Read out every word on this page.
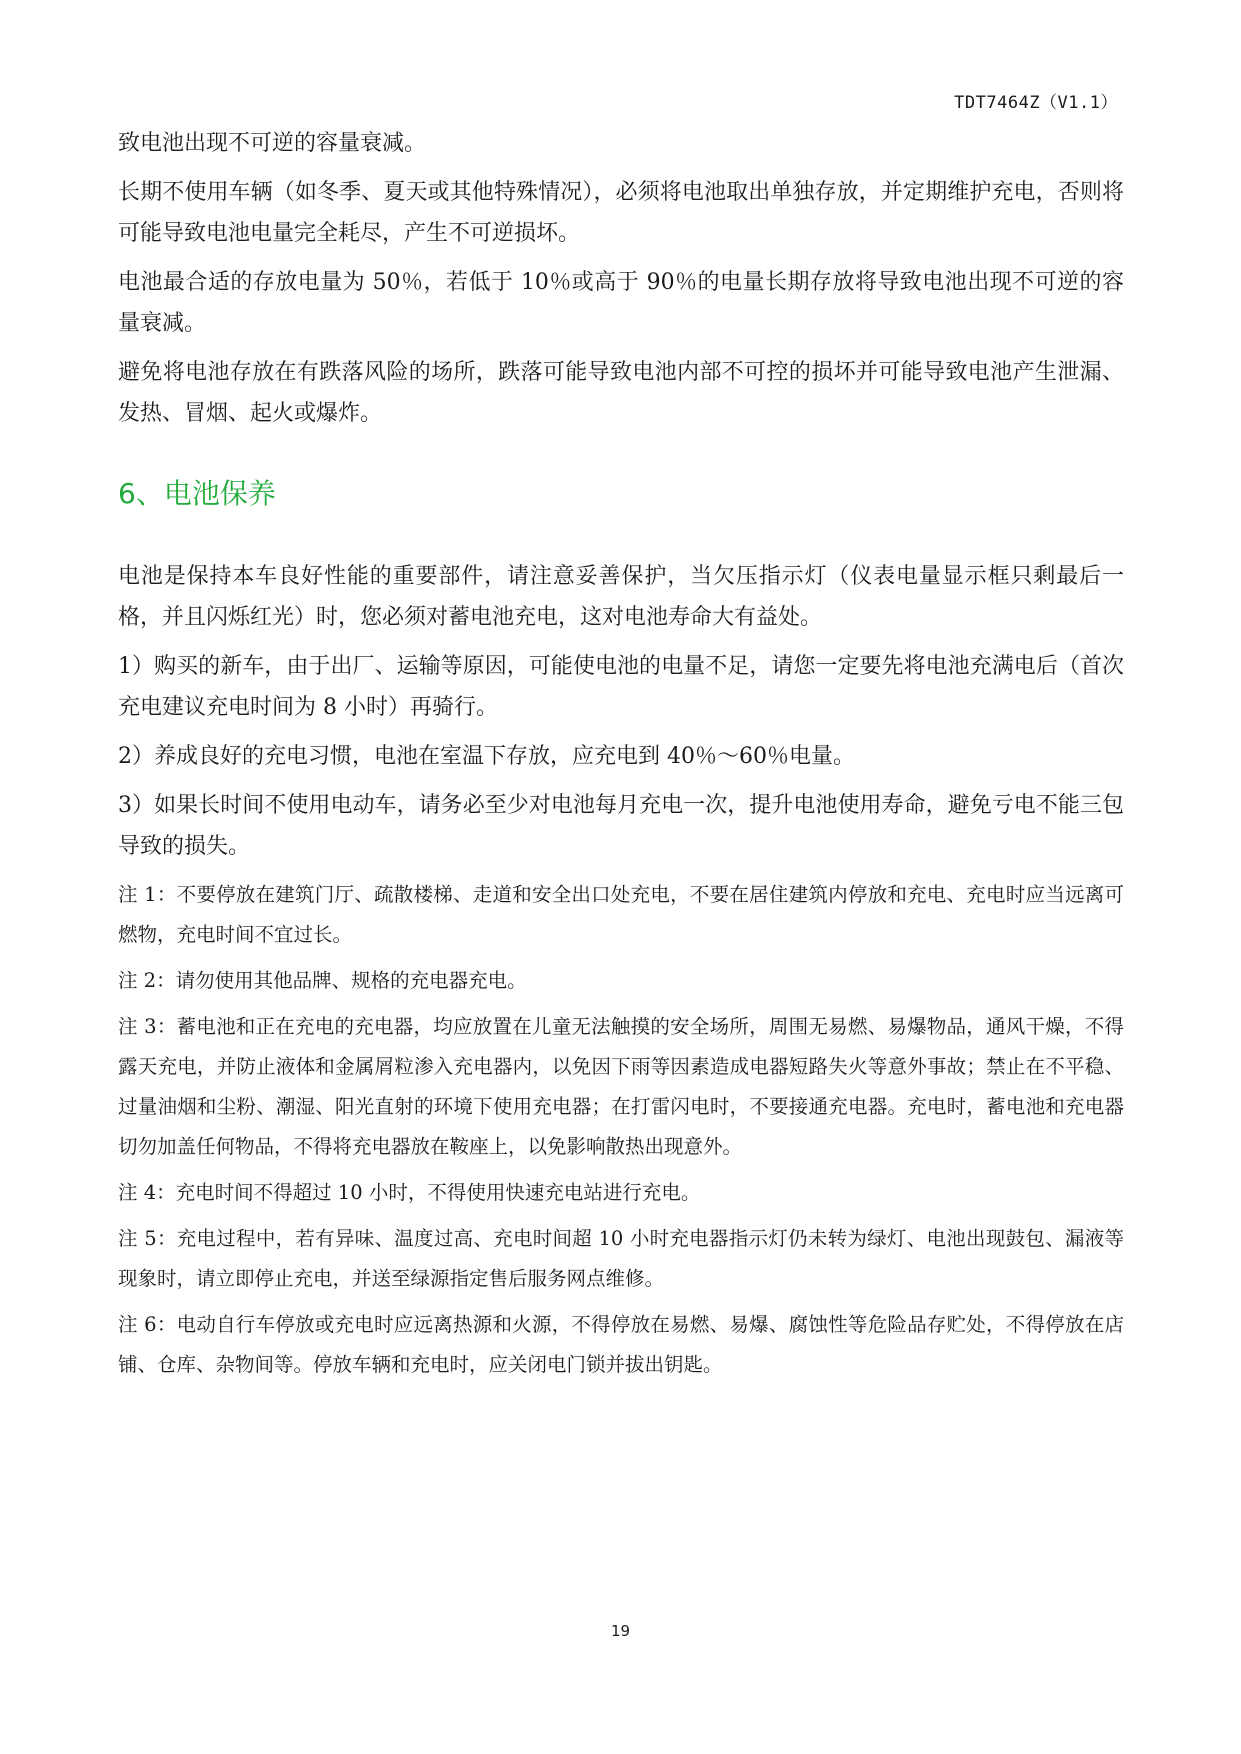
TDT7464Z（V1.1）

致电池出现不可逆的容量衰减。

长期不使用车辆（如冬季、夏天或其他特殊情况），必须将电池取出单独存放，并定期维护充电，否则将可能导致电池电量完全耗尽，产生不可逆损坏。

电池最合适的存放电量为 50％，若低于 10％或高于 90％的电量长期存放将导致电池出现不可逆的容量衰减。

避免将电池存放在有跌落风险的场所，跌落可能导致电池内部不可控的损坏并可能导致电池产生泄漏、发热、冒烟、起火或爆炸。

6、电池保养

电池是保持本车良好性能的重要部件，请注意妥善保护，当欠压指示灯（仪表电量显示框只剩最后一格，并且闪烁红光）时，您必须对蓄电池充电，这对电池寿命大有益处。

1）购买的新车，由于出厂、运输等原因，可能使电池的电量不足，请您一定要先将电池充满电后（首次充电建议充电时间为 8 小时）再骑行。

2）养成良好的充电习惯，电池在室温下存放，应充电到 40％～60％电量。

3）如果长时间不使用电动车，请务必至少对电池每月充电一次，提升电池使用寿命，避免亏电不能三包导致的损失。

注 1：不要停放在建筑门厅、疏散楼梯、走道和安全出口处充电，不要在居住建筑内停放和充电、充电时应当远离可燃物，充电时间不宜过长。

注 2：请勿使用其他品牌、规格的充电器充电。

注 3：蓄电池和正在充电的充电器，均应放置在儿童无法触摸的安全场所，周围无易燃、易爆物品，通风干燥，不得露天充电，并防止液体和金属屑粒渗入充电器内，以免因下雨等因素造成电器短路失火等意外事故；禁止在不平稳、过量油烟和尘粉、潮湿、阳光直射的环境下使用充电器；在打雷闪电时，不要接通充电器。充电时，蓄电池和充电器切勿加盖任何物品，不得将充电器放在鞍座上，以免影响散热出现意外。

注 4：充电时间不得超过 10 小时，不得使用快速充电站进行充电。

注 5：充电过程中，若有异味、温度过高、充电时间超 10 小时充电器指示灯仍未转为绿灯、电池出现鼓包、漏液等现象时，请立即停止充电，并送至绿源指定售后服务网点维修。

注 6：电动自行车停放或充电时应远离热源和火源，不得停放在易燃、易爆、腐蚀性等危险品存贮处，不得停放在店铺、仓库、杂物间等。停放车辆和充电时，应关闭电门锁并拔出钥匙。

19
